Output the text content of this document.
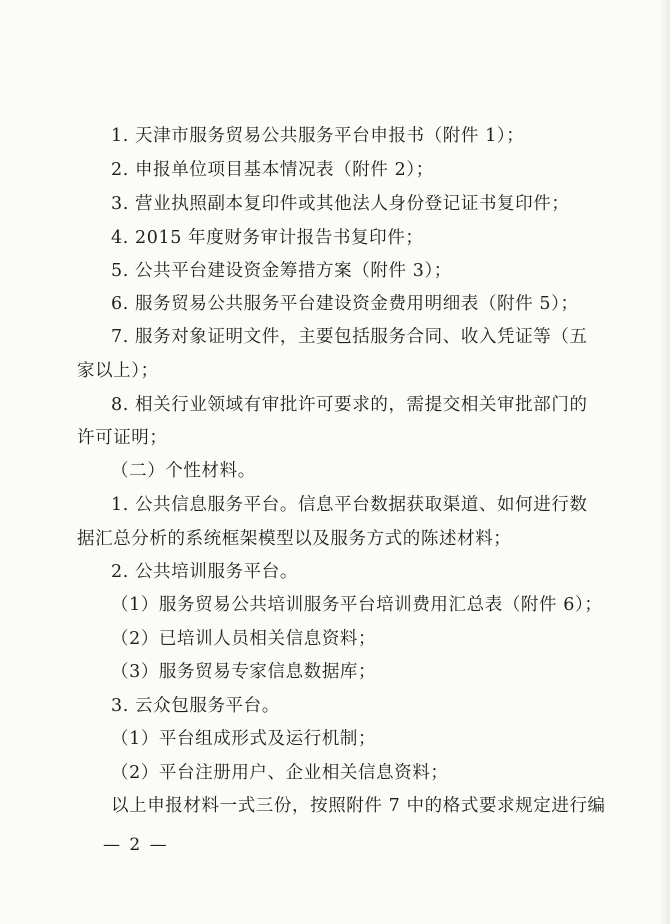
1. 天津市服务贸易公共服务平台申报书（附件 1）；
2. 申报单位项目基本情况表（附件 2）；
3. 营业执照副本复印件或其他法人身份登记证书复印件；
4. 2015 年度财务审计报告书复印件；
5. 公共平台建设资金筹措方案（附件 3）；
6. 服务贸易公共服务平台建设资金费用明细表（附件 5）；
7. 服务对象证明文件，主要包括服务合同、收入凭证等（五
家以上）；
8. 相关行业领域有审批许可要求的，需提交相关审批部门的
许可证明；
（二）个性材料。
1. 公共信息服务平台。信息平台数据获取渠道、如何进行数
据汇总分析的系统框架模型以及服务方式的陈述材料；
2. 公共培训服务平台。
（1）服务贸易公共培训服务平台培训费用汇总表（附件 6）；
（2）已培训人员相关信息资料；
（3）服务贸易专家信息数据库；
3. 云众包服务平台。
（1）平台组成形式及运行机制；
（2）平台注册用户、企业相关信息资料；
以上申报材料一式三份，按照附件 7 中的格式要求规定进行编
— 2 —
